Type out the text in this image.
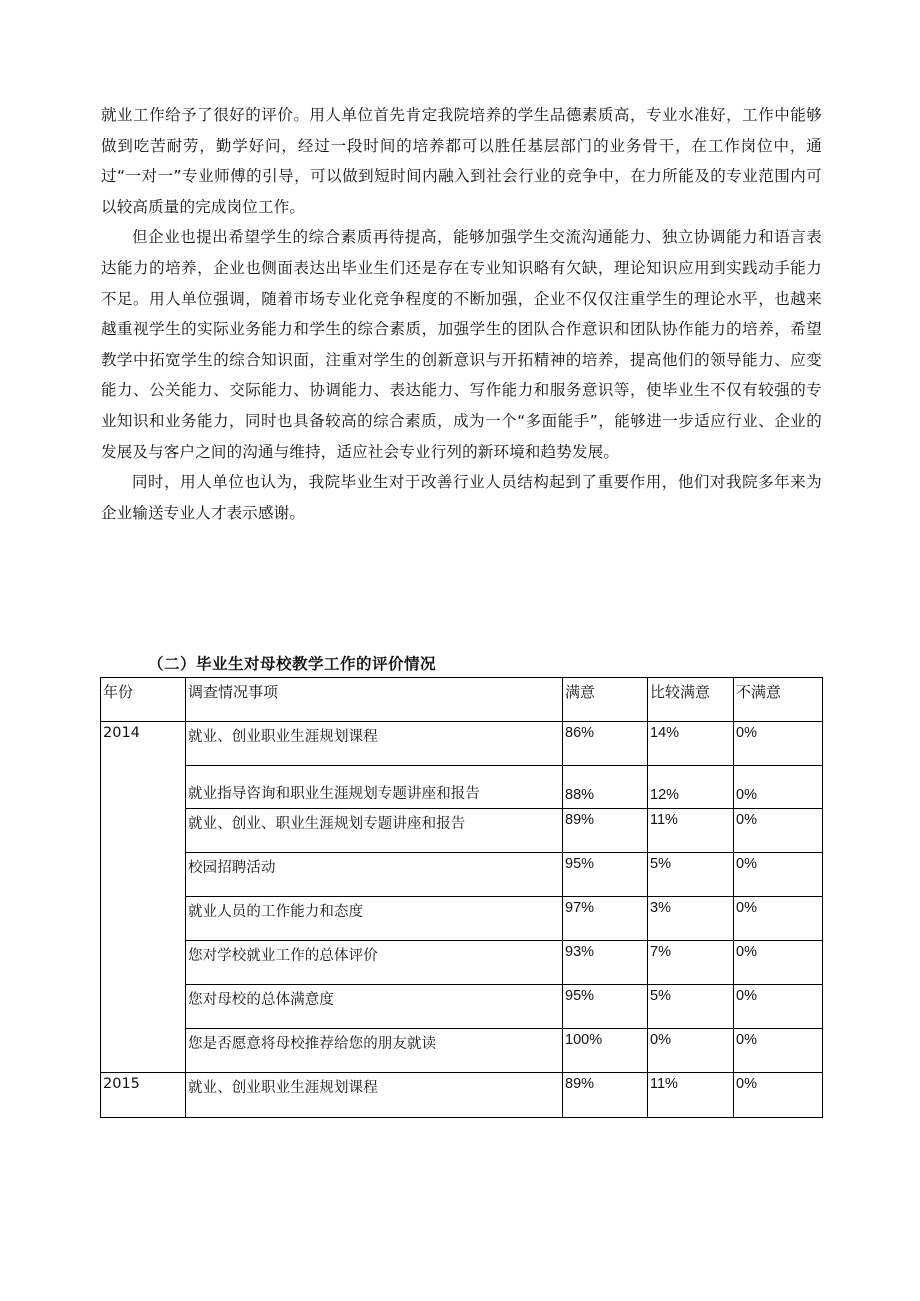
就业工作给予了很好的评价。用人单位首先肯定我院培养的学生品德素质高，专业水准好，工作中能够做到吃苦耐劳，勤学好问，经过一段时间的培养都可以胜任基层部门的业务骨干，在工作岗位中，通过“一对一”专业师傅的引导，可以做到短时间内融入到社会行业的竞争中，在力所能及的专业范围内可以较高质量的完成岗位工作。

但企业也提出希望学生的综合素质再待提高，能够加强学生交流沟通能力、独立协调能力和语言表达能力的培养，企业也侧面表达出毕业生们还是存在专业知识略有欠缺，理论知识应用到实践动手能力不足。用人单位强调，随着市场专业化竞争程度的不断加强，企业不仅仅注重学生的理论水平，也越来越重视学生的实际业务能力和学生的综合素质，加强学生的团队合作意识和团队协作能力的培养，希望教学中拓宽学生的综合知识面，注重对学生的创新意识与开拓精神的培养，提高他们的领导能力、应变能力、公关能力、交际能力、协调能力、表达能力、写作能力和服务意识等，使毕业生不仅有较强的专业知识和业务能力，同时也具备较高的综合素质，成为一个“多面能手”，能够进一步适应行业、企业的发展及与客户之间的沟通与维持，适应社会专业行列的新环境和趋势发展。

同时，用人单位也认为，我院毕业生对于改善行业人员结构起到了重要作用，他们对我院多年来为企业输送专业人才表示感谢。

（二）毕业生对母校教学工作的评价情况
年份	调查情况事项	满意	比较满意	不满意
2014	就业、创业职业生涯规划课程	86%	14%	0%
	就业指导咨询和职业生涯规划专题讲座和报告	88%	12%	0%
	就业、创业、职业生涯规划专题讲座和报告	89%	11%	0%
	校园招聘活动	95%	5%	0%
	就业人员的工作能力和态度	97%	3%	0%
	您对学校就业工作的总体评价	93%	7%	0%
	您对母校的总体满意度	95%	5%	0%
	您是否愿意将母校推荐给您的朋友就读	100%	0%	0%
2015	就业、创业职业生涯规划课程	89%	11%	0%
